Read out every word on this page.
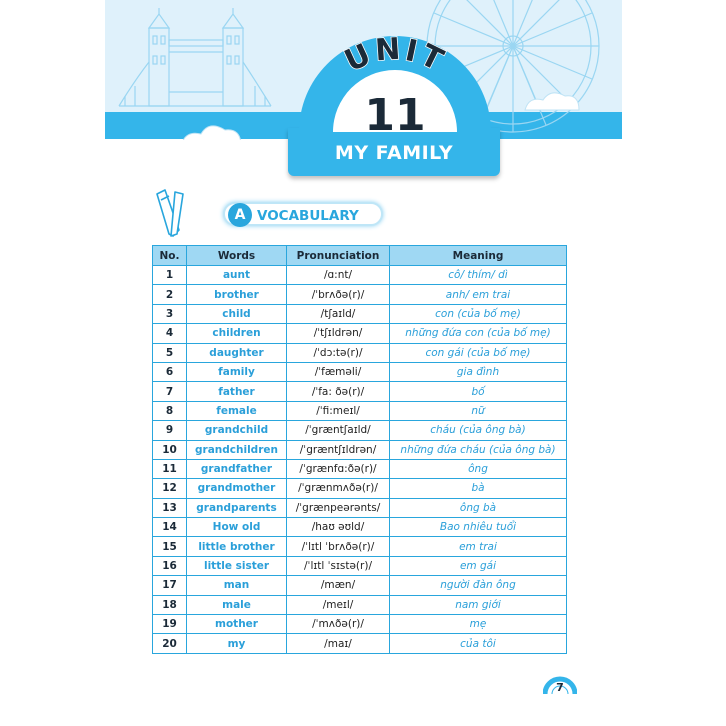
MY FAMILY
UNIT
11
VOCABULARY
A
No.	Words	Pronunciation	Meaning
1	aunt	/ɑ:nt/	cô/ thím/ dì
2	brother	/ˈbrʌðə(r)/	anh/ em trai
3	child	/tʃaɪld/	con (của bố mẹ)
4	children	/ˈtʃɪldrən/	những đứa con (của bố mẹ)
5	daughter	/ˈdɔ:tə(r)/	con gái (của bố mẹ)
6	family	/ˈfæməli/	gia đình
7	father	/ˈfa: ðə(r)/	bố
8	female	/ˈfi:meɪl/	nữ
9	grandchild	/ˈgræntʃaɪld/	cháu (của ông bà)
10	grandchildren	/ˈgræntʃɪldrən/	những đứa cháu (của ông bà)
11	grandfather	/ˈgrænfɑ:ðə(r)/	ông
12	grandmother	/ˈgrænmʌðə(r)/	bà
13	grandparents	/ˈgrænpeərənts/	ông bà
14	How old	/haʊ əʊld/	Bao nhiêu tuổi
15	little brother	/ˈlɪtl ˈbrʌðə(r)/	em trai
16	little sister	/ˈlɪtl ˈsɪstə(r)/	em gái
17	man	/mæn/	người đàn ông
18	male	/meɪl/	nam giới
19	mother	/ˈmʌðə(r)/	mẹ
20	my	/maɪ/	của tôi
7
